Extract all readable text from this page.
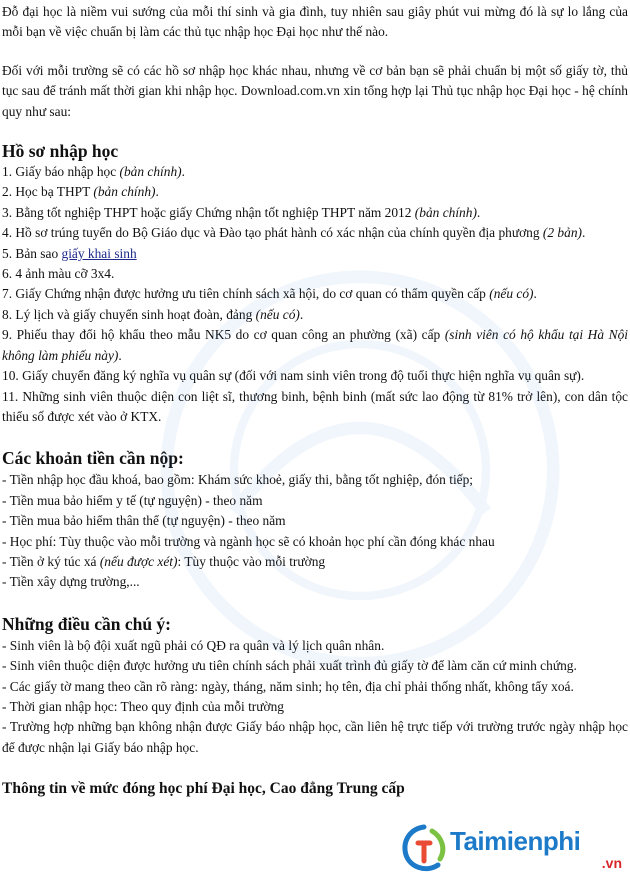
Đỗ đại học là niềm vui sướng của mỗi thí sinh và gia đình, tuy nhiên sau giây phút vui mừng đó là sự lo lắng của mỗi bạn về việc chuẩn bị làm các thủ tục nhập học Đại học như thế nào.

Đối với mỗi trường sẽ có các hồ sơ nhập học khác nhau, nhưng về cơ bản bạn sẽ phải chuẩn bị một số giấy tờ, thủ tục sau để tránh mất thời gian khi nhập học. Download.com.vn xin tổng hợp lại Thủ tục nhập học Đại học - hệ chính quy như sau:

Hồ sơ nhập học

1. Giấy báo nhập học (bản chính).

2. Học bạ THPT (bản chính).

3. Bằng tốt nghiệp THPT hoặc giấy Chứng nhận tốt nghiệp THPT năm 2012 (bản chính).

4. Hồ sơ trúng tuyển do Bộ Giáo dục và Đào tạo phát hành có xác nhận của chính quyền địa phương (2 bản).

5. Bản sao giấy khai sinh

6. 4 ảnh màu cỡ 3x4.

7. Giấy Chứng nhận được hưởng ưu tiên chính sách xã hội, do cơ quan có thẩm quyền cấp (nếu có).

8. Lý lịch và giấy chuyển sinh hoạt đoàn, đảng (nếu có).

9. Phiếu thay đổi hộ khẩu theo mẫu NK5 do cơ quan công an phường (xã) cấp (sinh viên có hộ khẩu tại Hà Nội không làm phiếu này).

10. Giấy chuyển đăng ký nghĩa vụ quân sự (đối với nam sinh viên trong độ tuổi thực hiện nghĩa vụ quân sự).

11. Những sinh viên thuộc diện con liệt sĩ, thương binh, bệnh binh (mất sức lao động từ 81% trở lên), con dân tộc thiểu số được xét vào ở KTX.

Các khoản tiền cần nộp:

- Tiền nhập học đầu khoá, bao gồm: Khám sức khoẻ, giấy thi, bằng tốt nghiệp, đón tiếp;

- Tiền mua bảo hiểm y tế (tự nguyện) - theo năm

- Tiền mua bảo hiểm thân thể (tự nguyện) - theo năm

- Học phí: Tùy thuộc vào mỗi trường và ngành học sẽ có khoản học phí cần đóng khác nhau

- Tiền ở ký túc xá (nếu được xét): Tùy thuộc vào mỗi trường

- Tiền xây dựng trường,...

Những điều cần chú ý:

- Sinh viên là bộ đội xuất ngũ phải có QĐ ra quân và lý lịch quân nhân.

- Sinh viên thuộc diện được hưởng ưu tiên chính sách phải xuất trình đủ giấy tờ để làm căn cứ minh chứng.

- Các giấy tờ mang theo cần rõ ràng: ngày, tháng, năm sinh; họ tên, địa chỉ phải thống nhất, không tẩy xoá.

- Thời gian nhập học: Theo quy định của mỗi trường

- Trường hợp những bạn không nhận được Giấy báo nhập học, cần liên hệ trực tiếp với trường trước ngày nhập học để được nhận lại Giấy báo nhập học.

Thông tin về mức đóng học phí Đại học, Cao đẳng Trung cấp
Taimienphi
.vn
